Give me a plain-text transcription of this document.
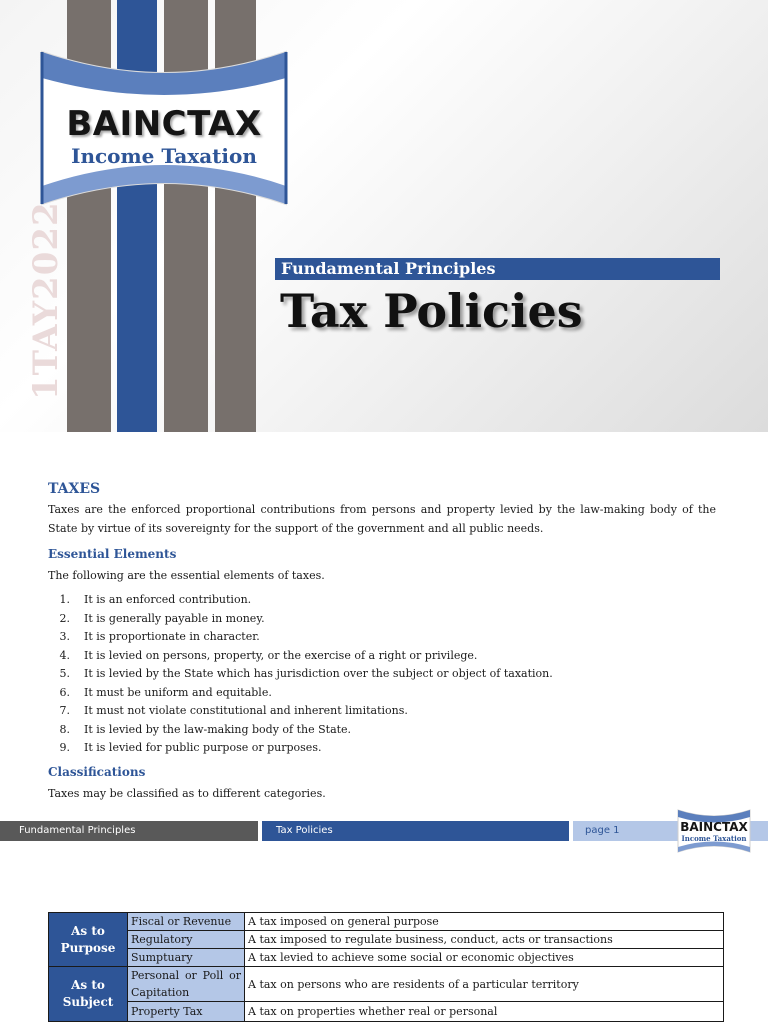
1TAY2022
BAINCTAX
Income Taxation
Fundamental Principles
Tax Policies
TAXES

Taxes are the enforced proportional contributions from persons and property levied by the law-making body of the State by virtue of its sovereignty for the support of the government and all public needs.

Essential Elements

The following are the essential elements of taxes.

1.	It is an enforced contribution.
2.	It is generally payable in money.
3.	It is proportionate in character.
4.	It is levied on persons, property, or the exercise of a right or privilege.
5.	It is levied by the State which has jurisdiction over the subject or object of taxation.
6.	It must be uniform and equitable.
7.	It must not violate constitutional and inherent limitations.
8.	It is levied by the law-making body of the State.
9.	It is levied for public purpose or purposes.
Classifications

Taxes may be classified as to different categories.

Fundamental Principles	Tax Policies	page 1	BAINCTAX
Income Taxation
As to Purpose	Fiscal or Revenue	A tax imposed on general purpose
	Regulatory	A tax imposed to regulate business, conduct, acts or transactions
	Sumptuary	A tax levied to achieve some social or economic objectives
As to Subject	Personal or Poll or Capitation	A tax on persons who are residents of a particular territory
	Property Tax	A tax on properties whether real or personal
